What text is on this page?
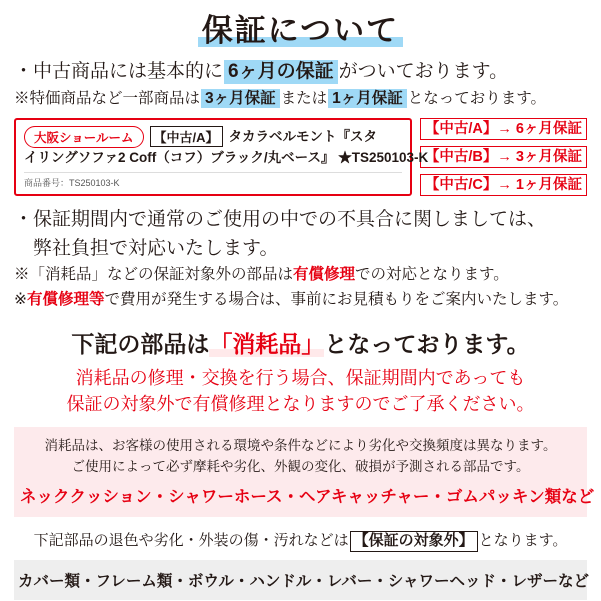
保証について
・中古商品には基本的に 6ヶ月の保証 がついております。
※特価商品など一部商品は 3ヶ月保証 または 1ヶ月保証 となっております。
大阪ショールーム	【中古/A】 タカラベルモント『スタ
イリングソファ2 Coff（コフ）ブラック/丸ベース』 ★TS250103-K
商品番号：TS250103-K
【中古/A】→ 6ヶ月保証
【中古/B】→ 3ヶ月保証
【中古/C】→ 1ヶ月保証
・保証期間内で通常のご使用の中での不具合に関しましては、
　弊社負担で対応いたします。
※「消耗品」などの保証対象外の部品は有償修理での対応となります。
※有償修理等で費用が発生する場合は、事前にお見積もりをご案内いたします。
下記の部品は
「消耗品」となっております。
消耗品の修理・交換を行う場合、保証期間内であっても
保証の対象外で有償修理となりますのでご了承ください。
消耗品は、お客様の使用される環境や条件などにより劣化や交換頻度は異なります。
ご使用によって必ず摩耗や劣化、外観の変化、破損が予測される部品です。
ネッククッション・シャワーホース・ヘアキャッチャー・ゴムパッキン類など
下記部品の退色や劣化・外装の傷・汚れなどは 【保証の対象外】 となります。
カバー類・フレーム類・ボウル・ハンドル・レバー・シャワーヘッド・レザーなど
